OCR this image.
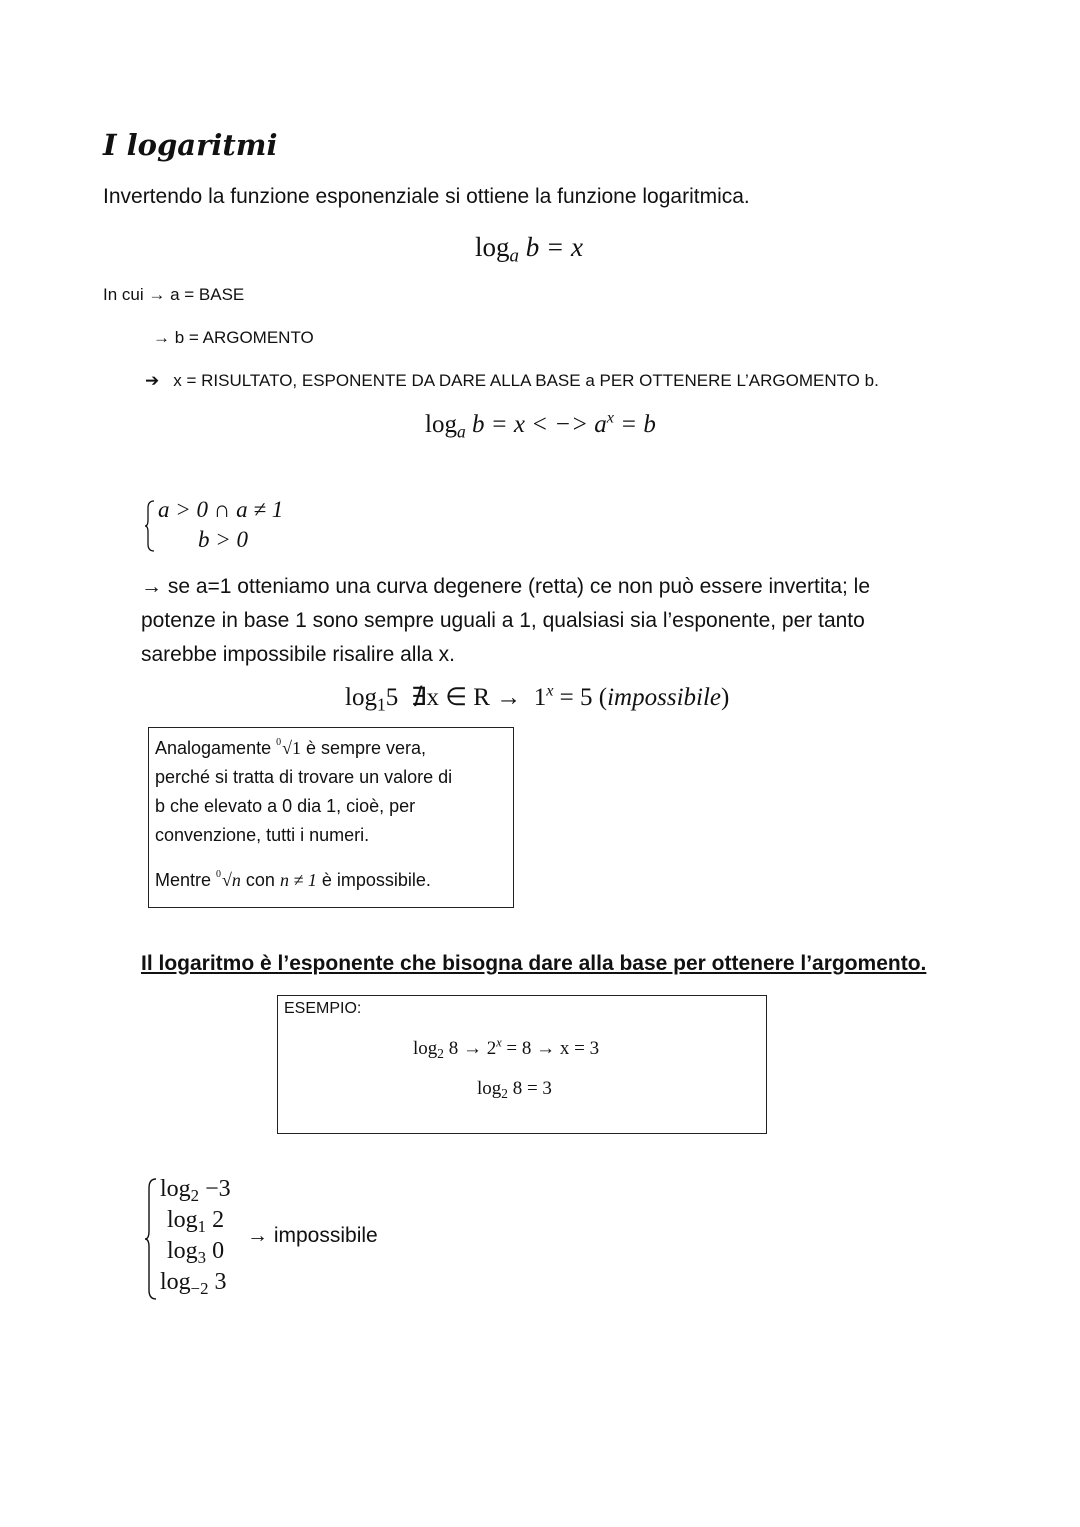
I logaritmi
Invertendo la funzione esponenziale si ottiene la funzione logaritmica.
$\log_a b = x$
In cui → a = BASE
→ b = ARGOMENTO
➔ x = RISULTATO, ESPONENTE DA DARE ALLA BASE a PER OTTENERE L’ARGOMENTO b.
$\log_a b = x$ < −> $a^x = b$
a > 0 ∩ a ≠ 1
b > 0
→ se a=1 otteniamo una curva degenere (retta) ce non può essere invertita; le
potenze in base 1 sono sempre uguali a 1, qualsiasi sia l’esponente, per tanto
sarebbe impossibile risalire alla x.
$\log_15$  ∄x ∈ $R \to 1^x = 5$ (impossibile)
Analogamente $^0$√1 è sempre vera,
perché si tratta di trovare un valore di
b che elevato a 0 dia 1, cioè, per
convenzione, tutti i numeri.
Mentre $^0$√n con n ≠ 1 è impossibile.
Il logaritmo è l’esponente che bisogna dare alla base per ottenere l’argomento.
ESEMPIO:
$\log_2 8 \to 2^x = 8 \to x = 3$
$\log_2 8 = 3$
$\log_2 -3$
$\log_1 2$
$\log_3 0$
$\log_{-2} 3$
→ impossibile
